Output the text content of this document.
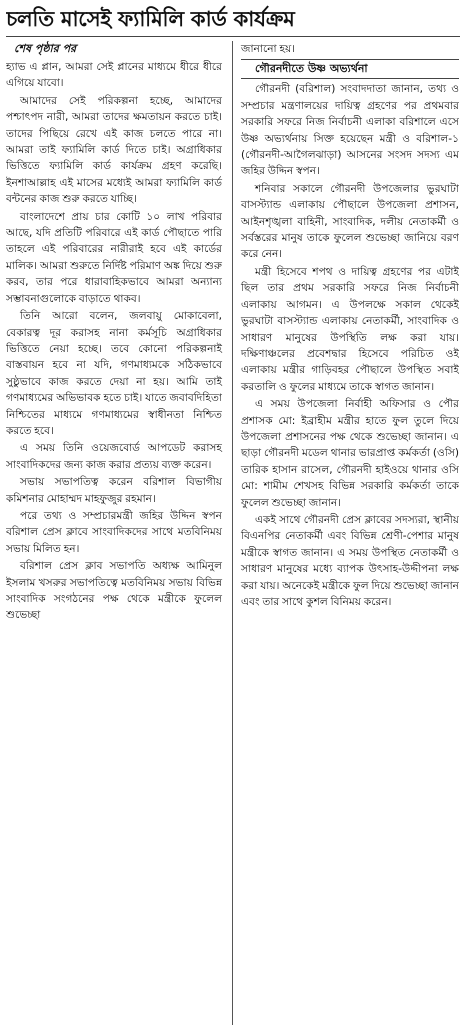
চলতি মাসেই ফ্যামিলি কার্ড কার্যক্রম
শেষ পৃষ্ঠার পর

হ্যাভ এ প্লান, আমরা সেই প্লানের মাধ্যমে ধীরে ধীরে এগিয়ে যাবো।

আমাদের সেই পরিকল্পনা হচ্ছে, আমাদের পশ্চাৎপদ নারী, আমরা তাদের ক্ষমতায়ন করতে চাই। তাদের পিছিয়ে রেখে এই কাজ চলতে পারে না। আমরা তাই ফ্যামিলি কার্ড দিতে চাই। অগ্রাধিকার ভিত্তিতে ফ্যামিলি কার্ড কার্যক্রম গ্রহণ করেছি। ইনশাআল্লাহ এই মাসের মধ্যেই আমরা ফ্যামিলি কার্ড বন্টনের কাজ শুরু করতে যাচ্ছি।

বাংলাদেশে প্রায় চার কোটি ১০ লাখ পরিবার আছে, যদি প্রতিটি পরিবারে এই কার্ড পৌছাতে পারি তাহলে এই পরিবারের নারীরাই হবে এই কার্ডের মালিক। আমরা শুরুতে নির্দিষ্ট পরিমাণ অঙ্ক দিয়ে শুরু করব, তার পরে ধারাবাহিকভাবে আমরা অন্যান্য সম্ভাবনাগুলোকে বাড়াতে থাকব।

তিনি আরো বলেন, জলবায়ু মোকাবেলা, বেকারত্ব দূর করাসহ নানা কর্মসূচি অগ্রাধিকার ভিত্তিতে নেয়া হচ্ছে। তবে কোনো পরিকল্পনাই বাস্তবায়ন হবে না যদি, গণমাধ্যমকে সঠিকভাবে সুষ্ঠুভাবে কাজ করতে দেয়া না হয়। আমি তাই গণমাধ্যমের অভিভাবক হতে চাই। যাতে জবাবদিহিতা নিশ্চিতের মাধ্যমে গণমাধ্যমের স্বাধীনতা নিশ্চিত করতে হবে।

এ সময় তিনি ওয়েজবোর্ড আপডেট করাসহ সাংবাদিকদের জন্য কাজ করার প্রত্যয় ব্যক্ত করেন।

সভায় সভাপতিত্ব করেন বরিশাল বিভাগীয় কমিশনার মোহাম্মদ মাহফুজুর রহমান।

পরে তথ্য ও সম্প্রচারমন্ত্রী জহির উদ্দিন স্বপন বরিশাল প্রেস ক্লাবে সাংবাদিকদের সাথে মতবিনিময় সভায় মিলিত হন।

বরিশাল প্রেস ক্লাব সভাপতি অধ্যক্ষ আমিনুল ইসলাম খসরুর সভাপতিত্বে মতবিনিময় সভায় বিভিন্ন সাংবাদিক সংগঠনের পক্ষ থেকে মন্ত্রীকে ফুলেল শুভেচ্ছা

জানানো হয়।

গৌরনদীতে উষ্ণ অভ্যর্থনা

গৌরনদী (বরিশাল) সংবাদদাতা জানান, তথ্য ও সম্প্রচার মন্ত্রণালয়ের দায়িত্ব গ্রহণের পর প্রথমবার সরকারি সফরে নিজ নির্বাচনী এলাকা বরিশালে এসে উষ্ণ অভ্যর্থনায় সিক্ত হয়েছেন মন্ত্রী ও বরিশাল-১ (গৌরনদী-আগৈলঝাড়া) আসনের সংসদ সদস্য এম জহির উদ্দিন স্বপন।

শনিবার সকালে গৌরনদী উপজেলার ভুরঘাটা বাসস্ট্যান্ড এলাকায় পৌছালে উপজেলা প্রশাসন, আইনশৃঙ্খলা বাহিনী, সাংবাদিক, দলীয় নেতাকর্মী ও সর্বস্তরের মানুষ তাকে ফুলেল শুভেচ্ছা জানিয়ে বরণ করে নেন।

মন্ত্রী হিসেবে শপথ ও দায়িত্ব গ্রহণের পর এটাই ছিল তার প্রথম সরকারি সফরে নিজ নির্বাচনী এলাকায় আগমন। এ উপলক্ষে সকাল থেকেই ভুরঘাটা বাসস্ট্যান্ড এলাকায় নেতাকর্মী, সাংবাদিক ও সাধারণ মানুষের উপস্থিতি লক্ষ করা যায়। দক্ষিণাঞ্চলের প্রবেশদ্বার হিসেবে পরিচিত ওই এলাকায় মন্ত্রীর গাড়িবহর পৌছালে উপস্থিত সবাই করতালি ও ফুলের মাধ্যমে তাকে স্বাগত জানান।

এ সময় উপজেলা নির্বাহী অফিসার ও পৌর প্রশাসক মো: ইব্রাহীম মন্ত্রীর হাতে ফুল তুলে দিয়ে উপজেলা প্রশাসনের পক্ষ থেকে শুভেচ্ছা জানান। এ ছাড়া গৌরনদী মডেল থানার ভারপ্রাপ্ত কর্মকর্তা (ওসি) তারিক হাসান রাসেল, গৌরনদী হাইওয়ে থানার ওসি মো: শামীম শেখসহ বিভিন্ন সরকারি কর্মকর্তা তাকে ফুলেল শুভেচ্ছা জানান।

একই সাথে গৌরনদী প্রেস ক্লাবের সদস্যরা, স্থানীয় বিএনপির নেতাকর্মী এবং বিভিন্ন শ্রেণী-পেশার মানুষ মন্ত্রীকে স্বাগত জানান। এ সময় উপস্থিত নেতাকর্মী ও সাধারণ মানুষের মধ্যে ব্যাপক উৎসাহ-উদ্দীপনা লক্ষ করা যায়। অনেকেই মন্ত্রীকে ফুল দিয়ে শুভেচ্ছা জানান এবং তার সাথে কুশল বিনিময় করেন।
